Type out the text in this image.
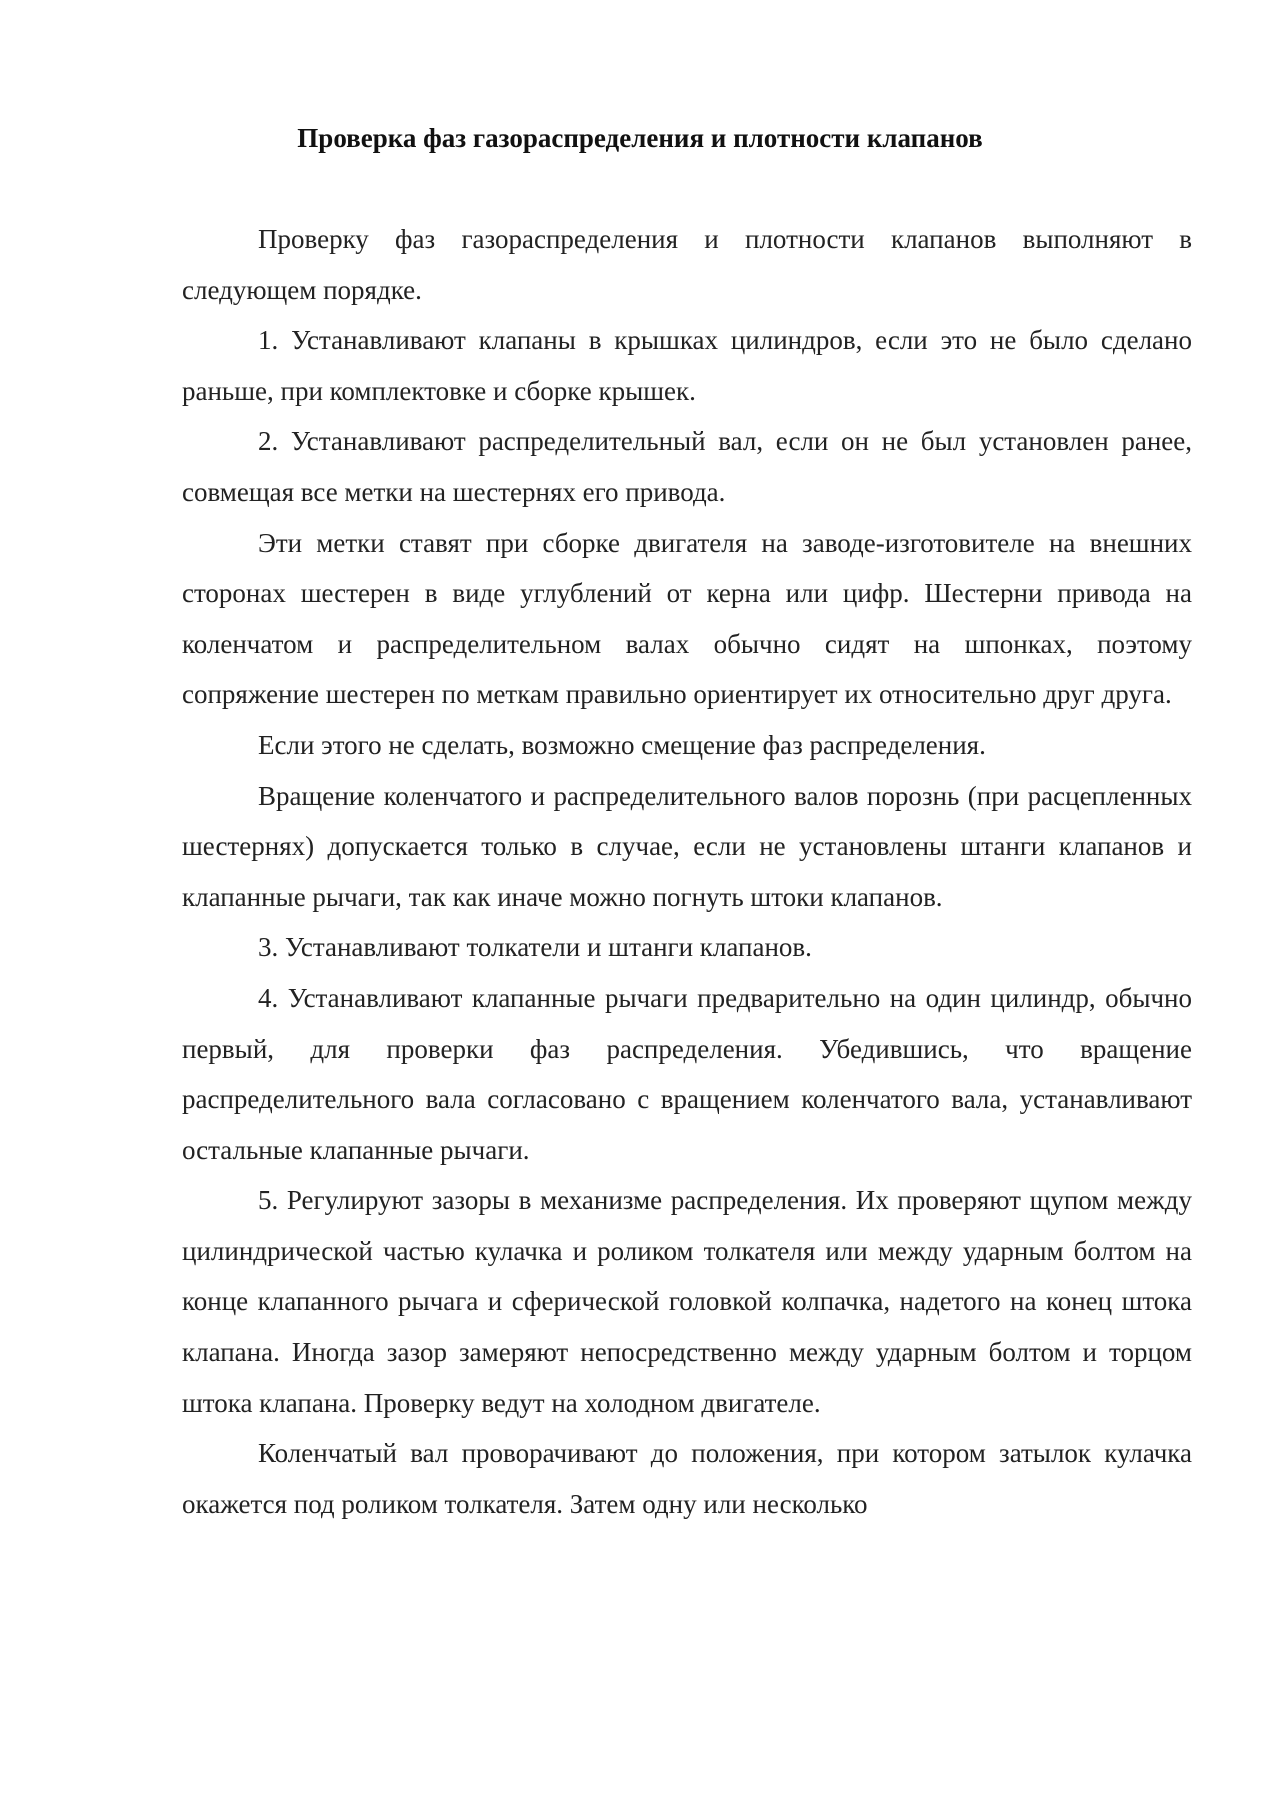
Проверка фаз газораспределения и плотности клапанов

Проверку фаз газораспределения и плотности клапанов выполняют в следующем порядке.

1. Устанавливают клапаны в крышках цилиндров, если это не было сделано раньше, при комплектовке и сборке крышек.

2. Устанавливают распределительный вал, если он не был установлен ранее, совмещая все метки на шестернях его привода.

Эти метки ставят при сборке двигателя на заводе-изготовителе на внешних сторонах шестерен в виде углублений от керна или цифр. Шестерни привода на коленчатом и распределительном валах обычно сидят на шпонках, поэтому сопряжение шестерен по меткам правильно ориентирует их относительно друг друга.

Если этого не сделать, возможно смещение фаз распределения.

Вращение коленчатого и распределительного валов порознь (при расцепленных шестернях) допускается только в случае, если не установлены штанги клапанов и клапанные рычаги, так как иначе можно погнуть штоки клапанов.

3. Устанавливают толкатели и штанги клапанов.

4. Устанавливают клапанные рычаги предварительно на один цилиндр, обычно первый, для проверки фаз распределения. Убедившись, что вращение распределительного вала согласовано с вращением коленчатого вала, устанавливают остальные клапанные рычаги.

5. Регулируют зазоры в механизме распределения. Их проверяют щупом между цилиндрической частью кулачка и роликом толкателя или между ударным болтом на конце клапанного рычага и сферической головкой колпачка, надетого на конец штока клапана. Иногда зазор замеряют непосредственно между ударным болтом и торцом штока клапана. Проверку ведут на холодном двигателе.

Коленчатый вал проворачивают до положения, при котором затылок кулачка окажется под роликом толкателя. Затем одну или несколько
